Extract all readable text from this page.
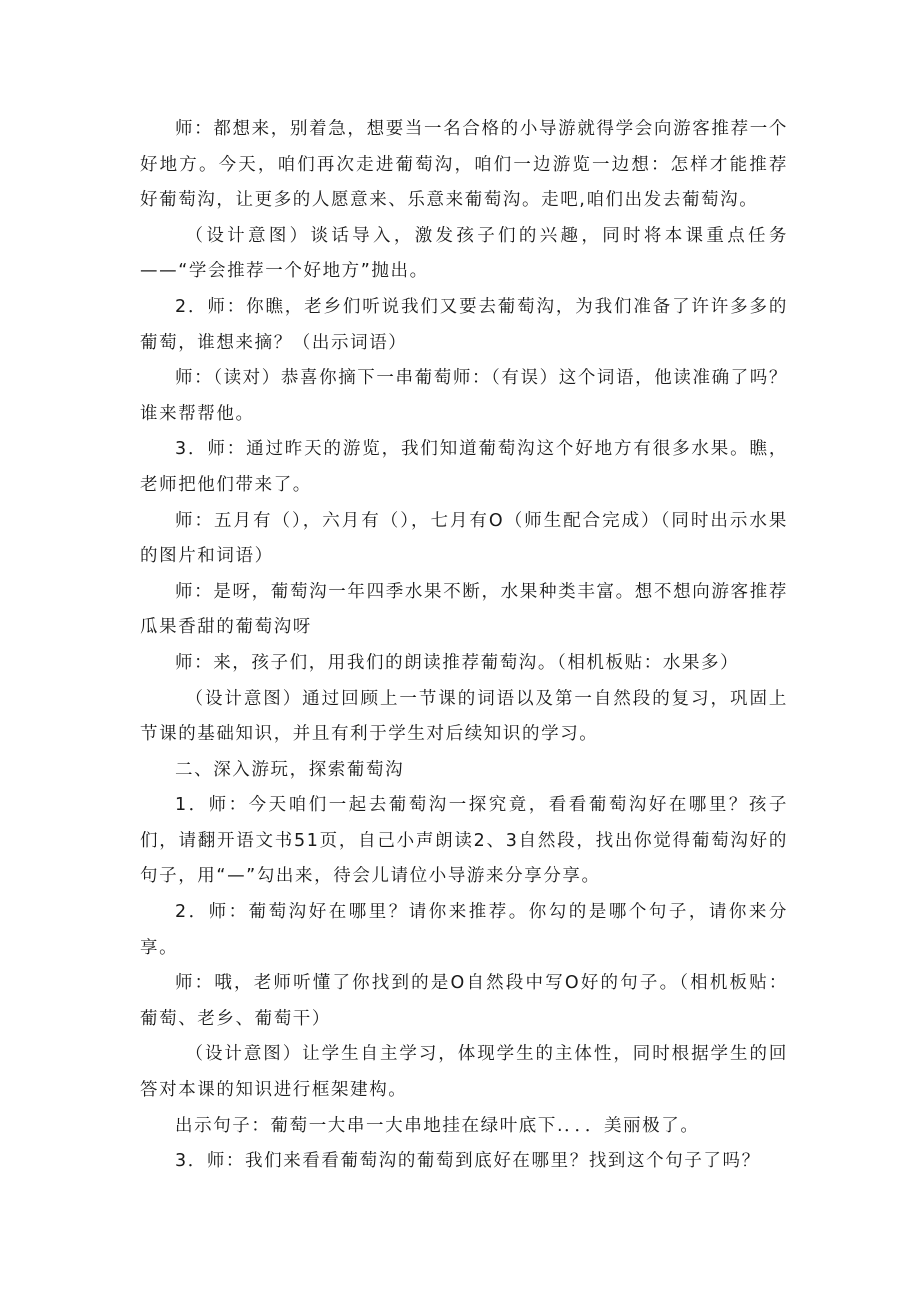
师：都想来，别着急，想要当一名合格的小导游就得学会向游客推荐一个好地方。今天，咱们再次走进葡萄沟，咱们一边游览一边想：怎样才能推荐好葡萄沟，让更多的人愿意来、乐意来葡萄沟。走吧,咱们出发去葡萄沟。

（设计意图）谈话导入，激发孩子们的兴趣，同时将本课重点任务——“学会推荐一个好地方”抛出。

2．师：你瞧，老乡们听说我们又要去葡萄沟，为我们准备了许许多多的葡萄，谁想来摘？（出示词语）

师：（读对）恭喜你摘下一串葡萄师：（有误）这个词语，他读准确了吗？谁来帮帮他。

3．师：通过昨天的游览，我们知道葡萄沟这个好地方有很多水果。瞧，老师把他们带来了。

师：五月有（），六月有（），七月有O（师生配合完成）（同时出示水果的图片和词语）

师：是呀，葡萄沟一年四季水果不断，水果种类丰富。想不想向游客推荐瓜果香甜的葡萄沟呀

师：来，孩子们，用我们的朗读推荐葡萄沟。（相机板贴：水果多）

（设计意图）通过回顾上一节课的词语以及第一自然段的复习，巩固上节课的基础知识，并且有利于学生对后续知识的学习。

二、深入游玩，探索葡萄沟

1．师：今天咱们一起去葡萄沟一探究竟，看看葡萄沟好在哪里？孩子们，请翻开语文书51页，自己小声朗读2、3自然段，找出你觉得葡萄沟好的句子，用“—”勾出来，待会儿请位小导游来分享分享。

2．师：葡萄沟好在哪里？请你来推荐。你勾的是哪个句子，请你来分享。

师：哦，老师听懂了你找到的是O自然段中写O好的句子。（相机板贴：葡萄、老乡、葡萄干）

（设计意图）让学生自主学习，体现学生的主体性，同时根据学生的回答对本课的知识进行框架建构。

出示句子：葡萄一大串一大串地挂在绿叶底下.．．．美丽极了。

3．师：我们来看看葡萄沟的葡萄到底好在哪里？找到这个句子了吗？
